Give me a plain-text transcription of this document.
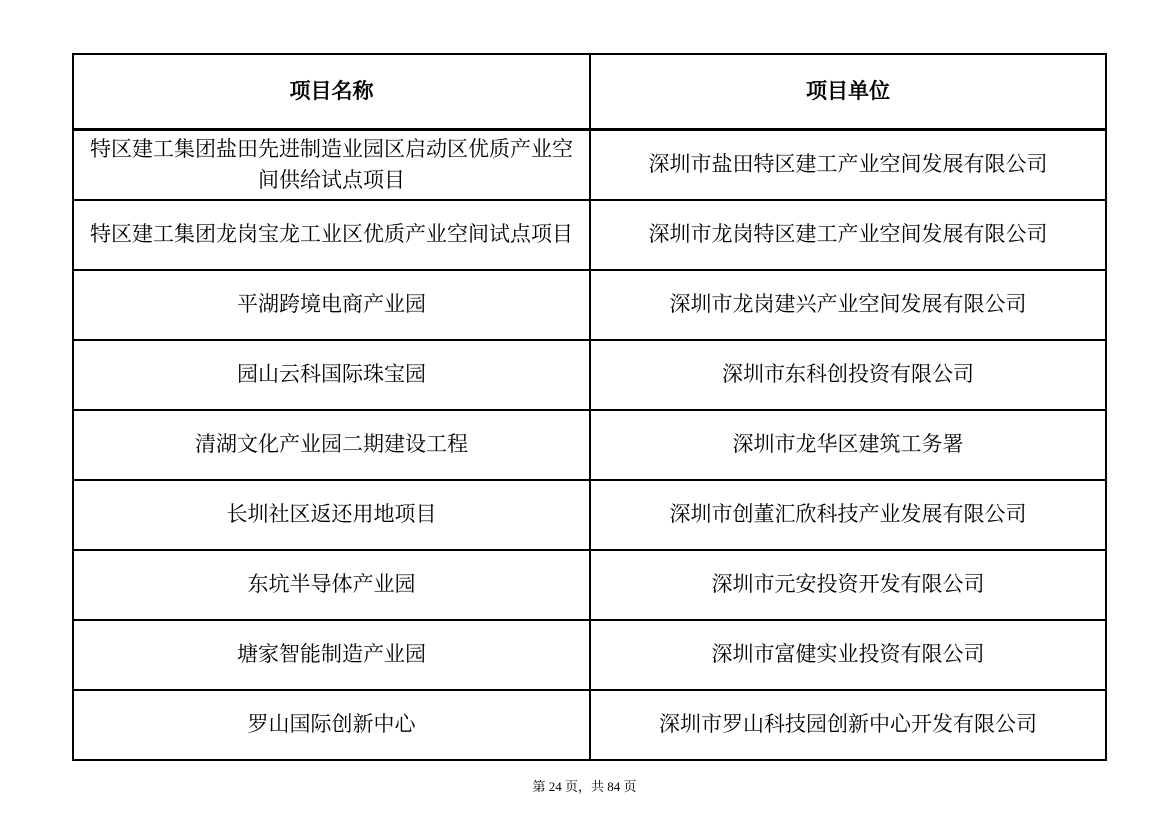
项目名称	项目单位
特区建工集团盐田先进制造业园区启动区优质产业空间供给试点项目	深圳市盐田特区建工产业空间发展有限公司
特区建工集团龙岗宝龙工业区优质产业空间试点项目	深圳市龙岗特区建工产业空间发展有限公司
平湖跨境电商产业园	深圳市龙岗建兴产业空间发展有限公司
园山云科国际珠宝园	深圳市东科创投资有限公司
清湖文化产业园二期建设工程	深圳市龙华区建筑工务署
长圳社区返还用地项目	深圳市创董汇欣科技产业发展有限公司
东坑半导体产业园	深圳市元安投资开发有限公司
塘家智能制造产业园	深圳市富健实业投资有限公司
罗山国际创新中心	深圳市罗山科技园创新中心开发有限公司
第 24 页，共 84 页
